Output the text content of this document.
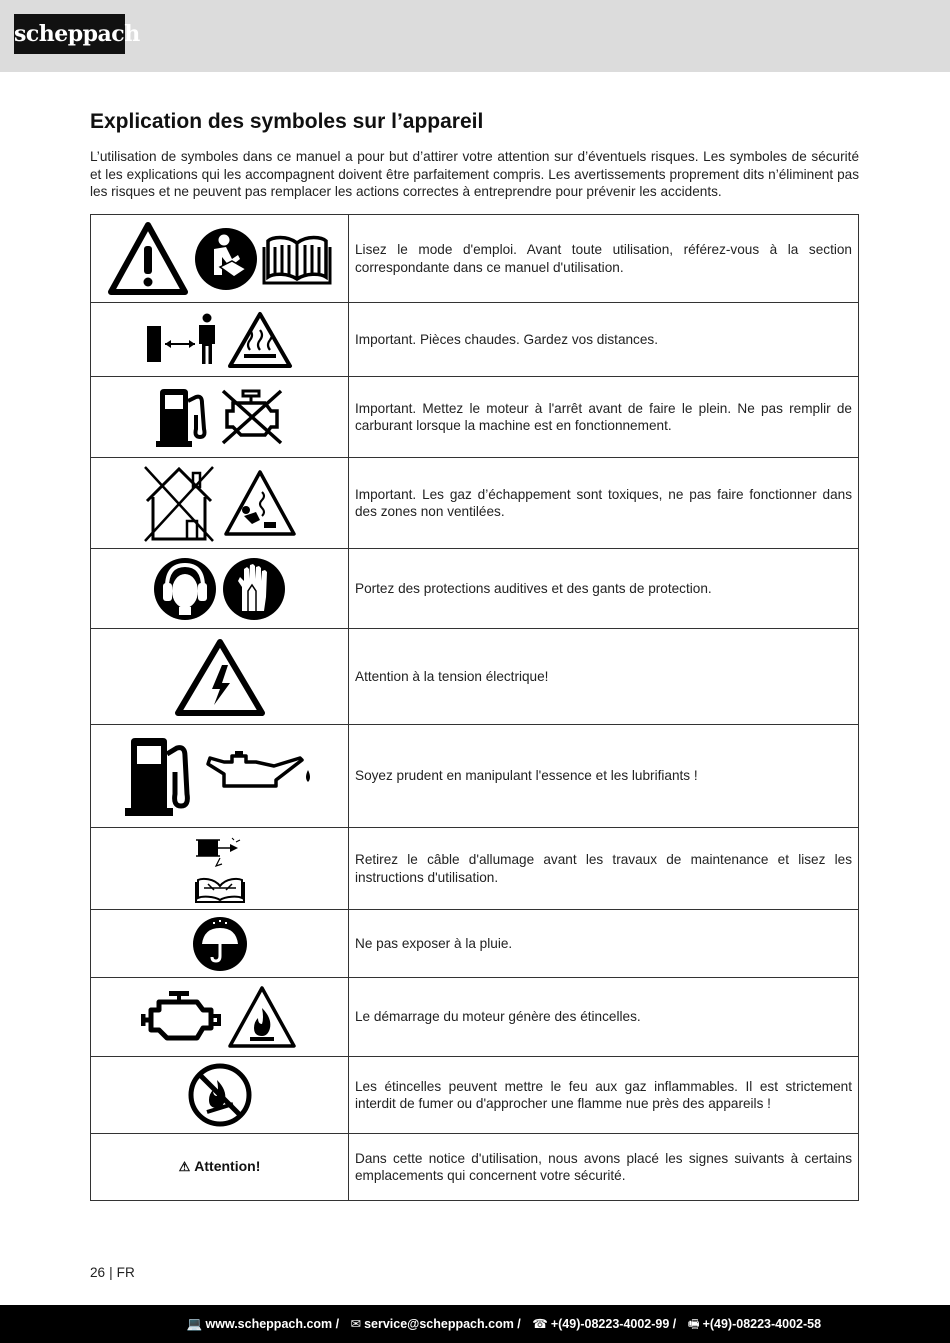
scheppach
Explication des symboles sur l’appareil

L’utilisation de symboles dans ce manuel a pour but d’attirer votre attention sur d’éventuels risques. Les symboles de sécurité et les explications qui les accompagnent doivent être parfaitement compris. Les avertissements proprement dits n’éliminent pas les risques et ne peuvent pas remplacer les actions correctes à entreprendre pour prévenir les accidents.

	Lisez le mode d'emploi. Avant toute utilisation, référez-vous à la section correspondante dans ce manuel d'utilisation.
	Important. Pièces chaudes. Gardez vos distances.
	Important. Mettez le moteur à l'arrêt avant de faire le plein. Ne pas remplir de carburant lorsque la machine est en fonctionnement.
	Important. Les gaz d’échappement sont toxiques, ne pas faire fonctionner dans des zones non ventilées.
	Portez des protections auditives et des gants de protection.
	Attention à la tension électrique!
	Soyez prudent en manipulant l'essence et les lubrifiants !
	Retirez le câble d'allumage avant les travaux de maintenance et lisez les instructions d'utilisation.
	Ne pas exposer à la pluie.
	Le démarrage du moteur génère des étincelles.
	Les étincelles peuvent mettre le feu aux gaz inflammables. Il est strictement interdit de fumer ou d'approcher une flamme nue près des appareils !
⚠ Attention!	Dans cette notice d'utilisation, nous avons placé les signes suivants à certains emplacements qui concernent votre sécurité.
26 | FR
💻 www.scheppach.com / ✉ service@scheppach.com / ☎ +(49)-08223-4002-99 / 🖷 +(49)-08223-4002-58
